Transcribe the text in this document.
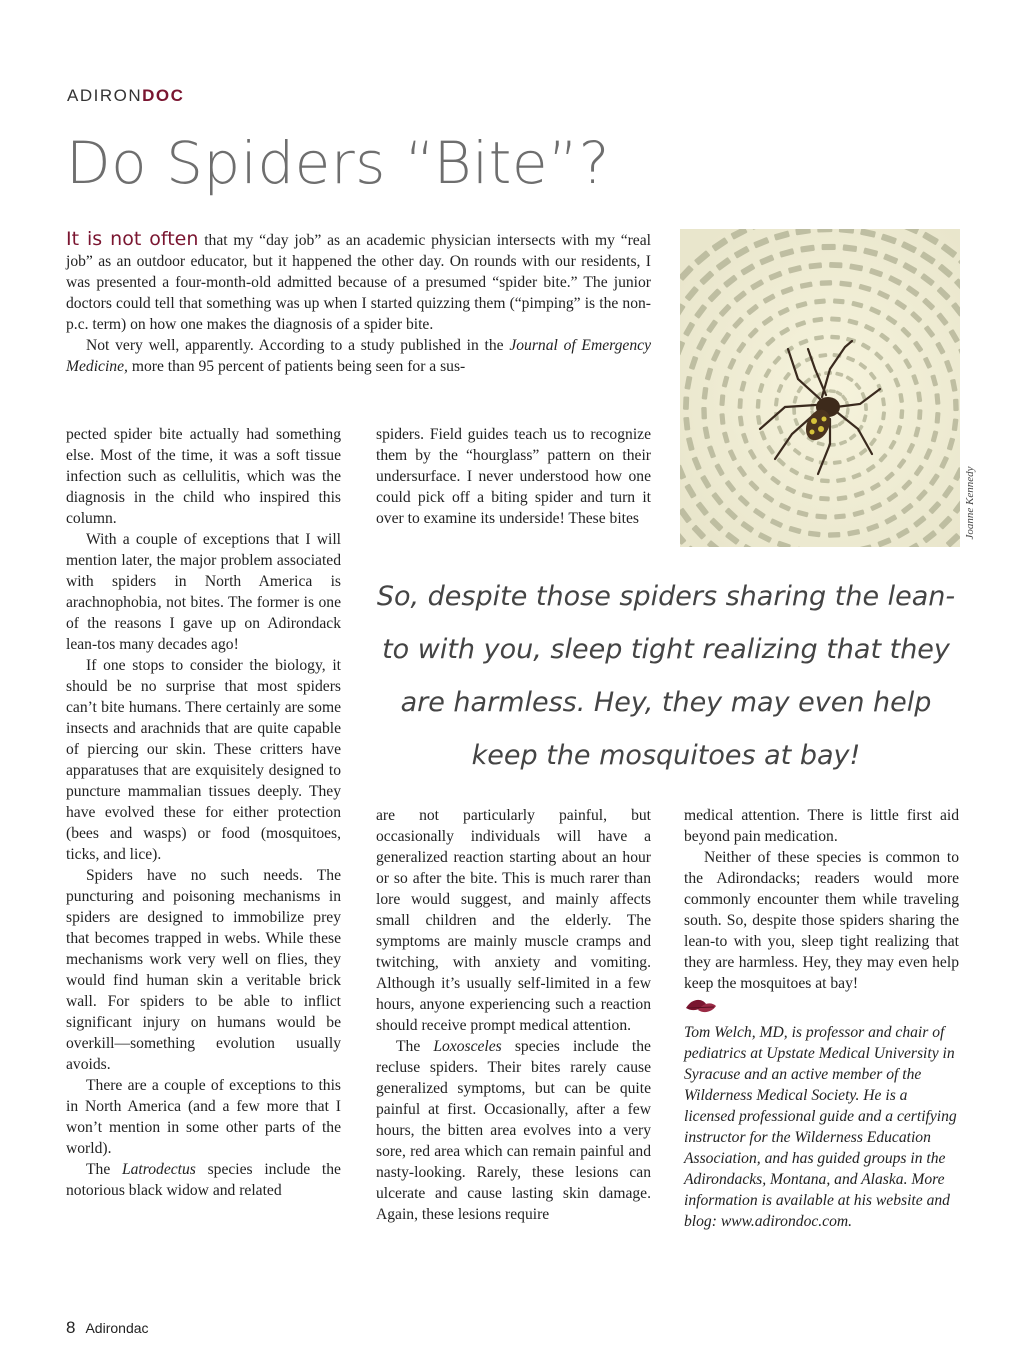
ADIRONDOC
Do Spiders “Bite”?

It is not often that my “day job” as an academic physician intersects with my “real job” as an outdoor educator, but it happened the other day. On rounds with our residents, I was presented a four-month-old admitted because of a presumed “spider bite.” The junior doctors could tell that something was up when I started quizzing them (“pimping” is the non-p.c. term) on how one makes the diagnosis of a spider bite.

Not very well, apparently. According to a study published in the Journal of Emergency Medicine, more than 95 percent of patients being seen for a sus-

Joanne Kennedy

pected spider bite actually had something else. Most of the time, it was a soft tissue infection such as cellulitis, which was the diagnosis in the child who inspired this column.

With a couple of exceptions that I will mention later, the major problem associated with spiders in North America is arachnophobia, not bites. The former is one of the reasons I gave up on Adirondack lean-tos many decades ago!

If one stops to consider the biology, it should be no surprise that most spiders can’t bite humans. There certainly are some insects and arachnids that are quite capable of piercing our skin. These critters have apparatuses that are exquisitely designed to puncture mammalian tissues deeply. They have evolved these for either protection (bees and wasps) or food (mosquitoes, ticks, and lice).

Spiders have no such needs. The puncturing and poisoning mechanisms in spiders are designed to immobilize prey that becomes trapped in webs. While these mechanisms work very well on flies, they would find human skin a veritable brick wall. For spiders to be able to inflict significant injury on humans would be overkill—something evolution usually avoids.

There are a couple of exceptions to this in North America (and a few more that I won’t mention in some other parts of the world).

The Latrodectus species include the notorious black widow and related

spiders. Field guides teach us to recognize them by the “hourglass” pattern on their undersurface. I never understood how one could pick off a biting spider and turn it over to examine its underside! These bites

So, despite those spiders sharing the lean-to with you, sleep tight realizing that they are harmless. Hey, they may even help keep the mosquitoes at bay!

are not particularly painful, but occasionally individuals will have a generalized reaction starting about an hour or so after the bite. This is much rarer than lore would suggest, and mainly affects small children and the elderly. The symptoms are mainly muscle cramps and twitching, with anxiety and vomiting. Although it’s usually self-limited in a few hours, anyone experiencing such a reaction should receive prompt medical attention.

The Loxosceles species include the recluse spiders. Their bites rarely cause generalized symptoms, but can be quite painful at first. Occasionally, after a few hours, the bitten area evolves into a very sore, red area which can remain painful and nasty-looking. Rarely, these lesions can ulcerate and cause lasting skin damage. Again, these lesions require

medical attention. There is little first aid beyond pain medication.

Neither of these species is common to the Adirondacks; readers would more commonly encounter them while traveling south. So, despite those spiders sharing the lean-to with you, sleep tight realizing that they are harmless. Hey, they may even help keep the mosquitoes at bay!

Tom Welch, MD, is professor and chair of pediatrics at Upstate Medical University in Syracuse and an active member of the Wilderness Medical Society. He is a licensed professional guide and a certifying instructor for the Wilderness Education Association, and has guided groups in the Adirondacks, Montana, and Alaska. More information is available at his website and blog: www.adirondoc.com.

8 Adirondac
